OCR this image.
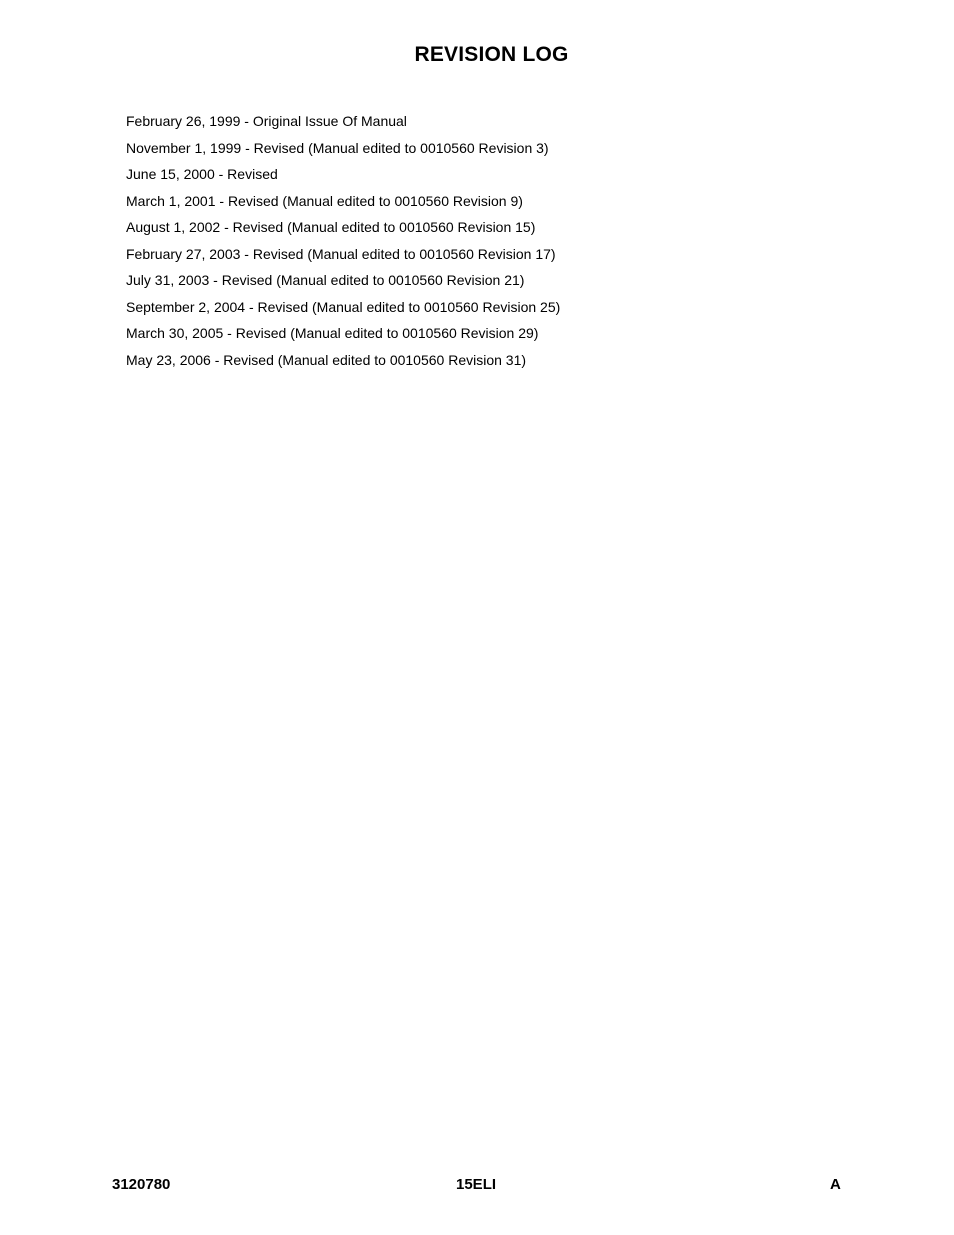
REVISION LOG
February 26, 1999 - Original Issue Of Manual
November 1, 1999 - Revised (Manual edited to 0010560 Revision 3)
June 15, 2000 - Revised
March 1, 2001 - Revised (Manual edited to 0010560 Revision 9)
August 1, 2002 - Revised (Manual edited to 0010560 Revision 15)
February 27, 2003 - Revised (Manual edited to 0010560 Revision 17)
July 31, 2003 - Revised (Manual edited to 0010560 Revision 21)
September 2, 2004 - Revised (Manual edited to 0010560 Revision 25)
March 30, 2005 - Revised (Manual edited to 0010560 Revision 29)
May 23, 2006 - Revised (Manual edited to 0010560 Revision 31)
3120780	15ELI	A
